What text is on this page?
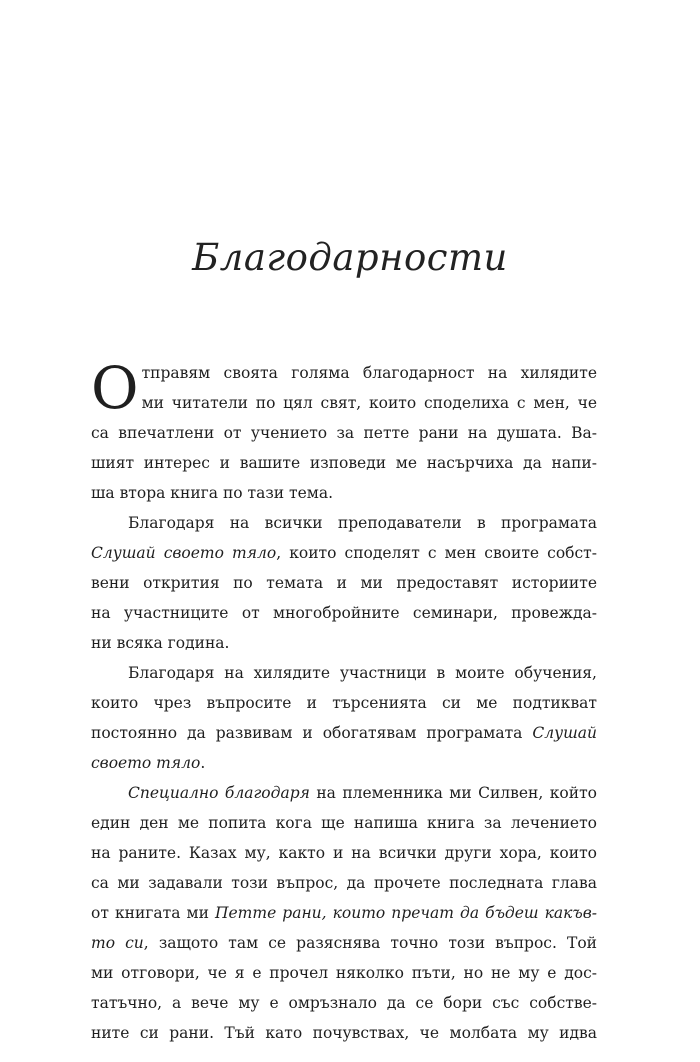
Благодарности

О тправям своята голяма благодарност на хилядите
ми читатели по цял свят, които споделиха с мен, че
са впечатлени от учението за петте рани на душата. Ва-
шият интерес и вашите изповеди ме насърчиха да напи-
ша втора книга по тази тема.

Благодаря на всички преподаватели в програмата
Слушай своето тяло, които споделят с мен своите собст-
вени открития по темата и ми предоставят историите
на участниците от многобройните семинари, провежда-
ни всяка година.

Благодаря на хилядите участници в моите обучения,
които чрез въпросите и търсенията си ме подтикват
постоянно да развивам и обогатявам програмата Слушай
своето тяло.

Специално благодаря на племенника ми Силвен, който
един ден ме попита кога ще напиша книга за лечението
на раните. Казах му, както и на всички други хора, които
са ми задавали този въпрос, да прочете последната глава
от книгата ми Петте рани, които пречат да бъдеш какъв-
то си, защото там се разяснява точно този въпрос. Той
ми отговори, че я е прочел няколко пъти, но не му е дос-
татъчно, а вече му е омръзнало да се бори със собстве-
ните си рани. Тъй като почувствах, че молбата му идва
